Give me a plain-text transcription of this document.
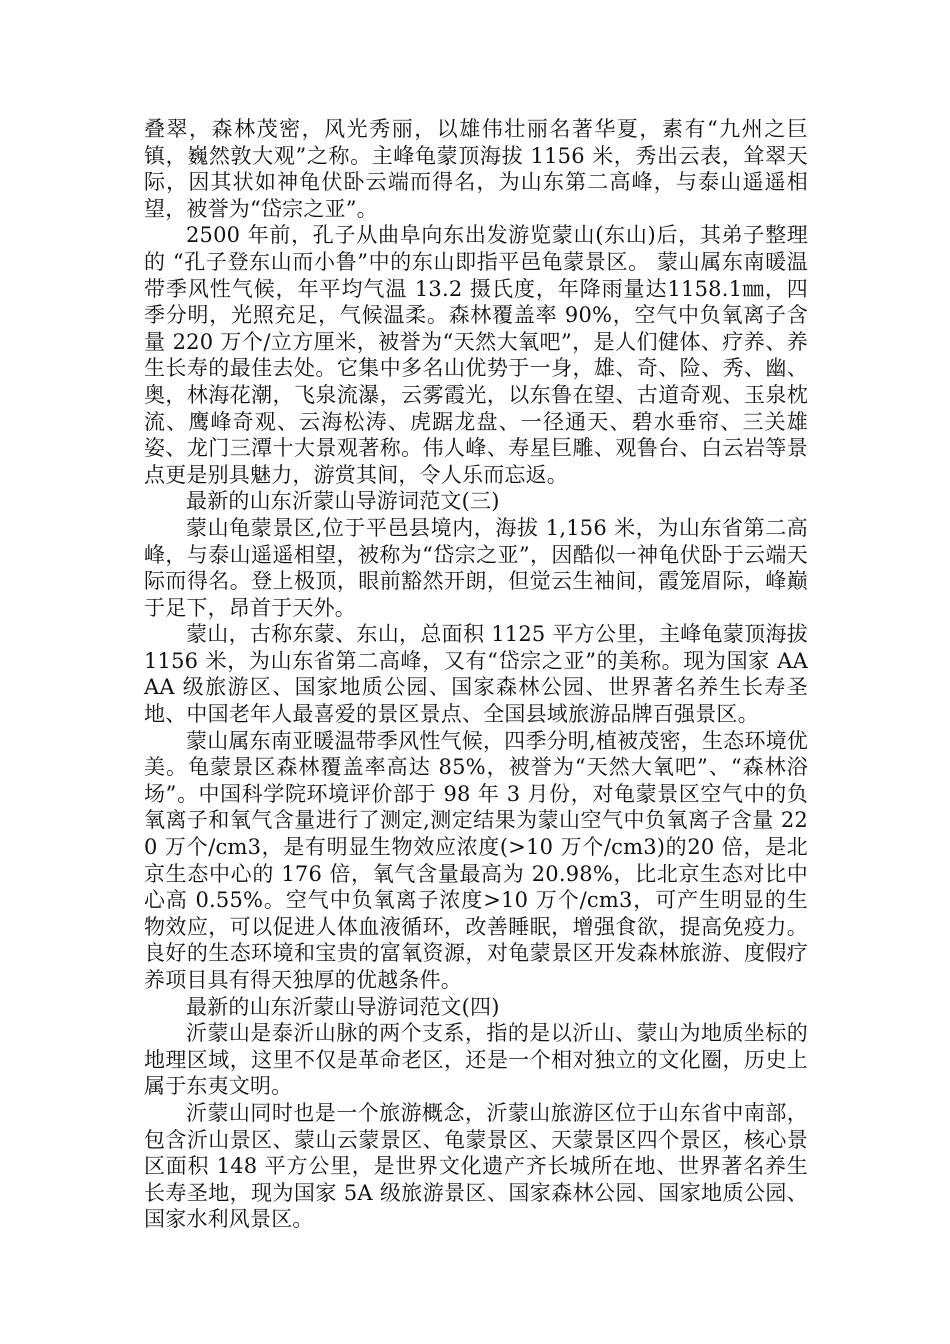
叠翠，森林茂密，风光秀丽，以雄伟壮丽名著华夏，素有“九州之巨镇，巍然敦大观”之称。主峰龟蒙顶海拔 1156 米，秀出云表，耸翠天际，因其状如神龟伏卧云端而得名，为山东第二高峰，与泰山遥遥相望，被誉为“岱宗之亚”。

2500 年前，孔子从曲阜向东出发游览蒙山(东山)后，其弟子整理的 “孔子登东山而小鲁”中的东山即指平邑龟蒙景区。 蒙山属东南暖温带季风性气候，年平均气温 13.2 摄氏度，年降雨量达1158.1㎜，四季分明，光照充足，气候温柔。森林覆盖率 90%，空气中负氧离子含量 220 万个/立方厘米，被誉为“天然大氧吧”，是人们健体、疗养、养生长寿的最佳去处。它集中多名山优势于一身，雄、奇、险、秀、幽、奥，林海花潮，飞泉流瀑，云雾霞光，以东鲁在望、古道奇观、玉泉枕流、鹰峰奇观、云海松涛、虎踞龙盘、一径通天、碧水垂帘、三关雄姿、龙门三潭十大景观著称。伟人峰、寿星巨雕、观鲁台、白云岩等景点更是别具魅力，游赏其间，令人乐而忘返。

最新的山东沂蒙山导游词范文(三)

蒙山龟蒙景区,位于平邑县境内，海拔 1,156 米，为山东省第二高峰，与泰山遥遥相望，被称为“岱宗之亚”，因酷似一神龟伏卧于云端天际而得名。登上极顶，眼前豁然开朗，但觉云生袖间，霞笼眉际，峰巅于足下，昂首于天外。

蒙山，古称东蒙、东山，总面积 1125 平方公里，主峰龟蒙顶海拔 1156 米，为山东省第二高峰，又有“岱宗之亚”的美称。现为国家 AAAA 级旅游区、国家地质公园、国家森林公园、世界著名养生长寿圣地、中国老年人最喜爱的景区景点、全国县域旅游品牌百强景区。

蒙山属东南亚暖温带季风性气候，四季分明,植被茂密，生态环境优美。龟蒙景区森林覆盖率高达 85%，被誉为“天然大氧吧”、“森林浴场”。中国科学院环境评价部于 98 年 3 月份，对龟蒙景区空气中的负氧离子和氧气含量进行了测定,测定结果为蒙山空气中负氧离子含量 220 万个/cm3，是有明显生物效应浓度(>10 万个/cm3)的20 倍，是北京生态中心的 176 倍，氧气含量最高为 20.98%，比北京生态对比中心高 0.55%。空气中负氧离子浓度>10 万个/cm3，可产生明显的生物效应，可以促进人体血液循环，改善睡眠，增强食欲，提高免疫力。良好的生态环境和宝贵的富氧资源，对龟蒙景区开发森林旅游、度假疗养项目具有得天独厚的优越条件。

最新的山东沂蒙山导游词范文(四)

沂蒙山是泰沂山脉的两个支系，指的是以沂山、蒙山为地质坐标的地理区域，这里不仅是革命老区，还是一个相对独立的文化圈，历史上属于东夷文明。

沂蒙山同时也是一个旅游概念，沂蒙山旅游区位于山东省中南部，包含沂山景区、蒙山云蒙景区、龟蒙景区、天蒙景区四个景区，核心景区面积 148 平方公里，是世界文化遗产齐长城所在地、世界著名养生长寿圣地，现为国家 5A 级旅游景区、国家森林公园、国家地质公园、国家水利风景区。
